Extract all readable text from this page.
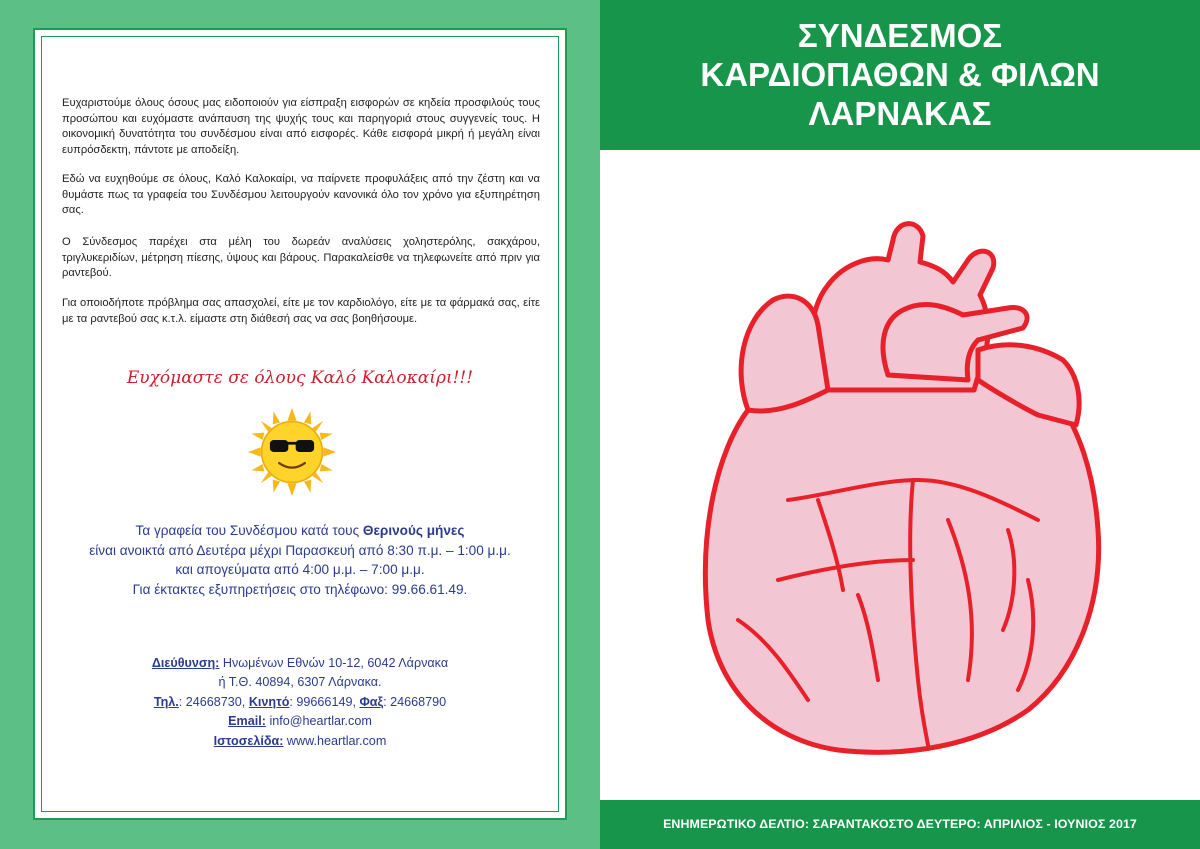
Ευχαριστούμε όλους όσους μας ειδοποιούν για είσπραξη εισφορών σε κηδεία προσφιλούς τους προσώπου και ευχόμαστε ανάπαυση της ψυχής τους και παρηγοριά στους συγγενείς τους. Η οικονομική δυνατότητα του συνδέσμου είναι από εισφορές. Κάθε εισφορά μικρή ή μεγάλη είναι ευπρόσδεκτη, πάντοτε με αποδείξη.

Εδώ να ευχηθούμε σε όλους, Καλό Καλοκαίρι, να παίρνετε προφυλάξεις από την ζέστη και να θυμάστε πως τα γραφεία του Συνδέσμου λειτουργούν κανονικά όλο τον χρόνο για εξυπηρέτηση σας.

Ο Σύνδεσμος παρέχει στα μέλη του δωρεάν αναλύσεις χοληστερόλης, σακχάρου, τριγλυκεριδίων, μέτρηση πίεσης, ύψους και βάρους. Παρακαλείσθε να τηλεφωνείτε από πριν για ραντεβού.

Για οποιοδήποτε πρόβλημα σας απασχολεί, είτε με τον καρδιολόγο, είτε με τα φάρμακά σας, είτε με τα ραντεβού σας κ.τ.λ. είμαστε στη διάθεσή σας να σας βοηθήσουμε.

Ευχόμαστε σε όλους Καλό Καλοκαίρι!!!
Τα γραφεία του Συνδέσμου κατά τους Θερινούς μήνες
είναι ανοικτά από Δευτέρα μέχρι Παρασκευή από 8:30 π.μ. – 1:00 μ.μ.
και απογεύματα από 4:00 μ.μ. – 7:00 μ.μ.
Για έκτακτες εξυπηρετήσεις στο τηλέφωνο: 99.66.61.49.
Διεύθυνση: Ηνωμένων Εθνών 10-12, 6042 Λάρνακα
ή Τ.Θ. 40894, 6307 Λάρνακα.
Τηλ.: 24668730, Κινητό: 99666149, Φαξ: 24668790
Email: info@heartlar.com
Ιστοσελίδα: www.heartlar.com
ΣΥΝΔΕΣΜΟΣ
ΚΑΡΔΙΟΠΑΘΩΝ & ΦΙΛΩΝ
ΛΑΡΝΑΚΑΣ
ΕΝΗΜΕΡΩΤΙΚΟ ΔΕΛΤΙΟ: ΣΑΡΑΝΤΑΚΟΣΤΟ ΔΕΥΤΕΡΟ: ΑΠΡΙΛΙΟΣ - ΙΟΥΝΙΟΣ 2017
